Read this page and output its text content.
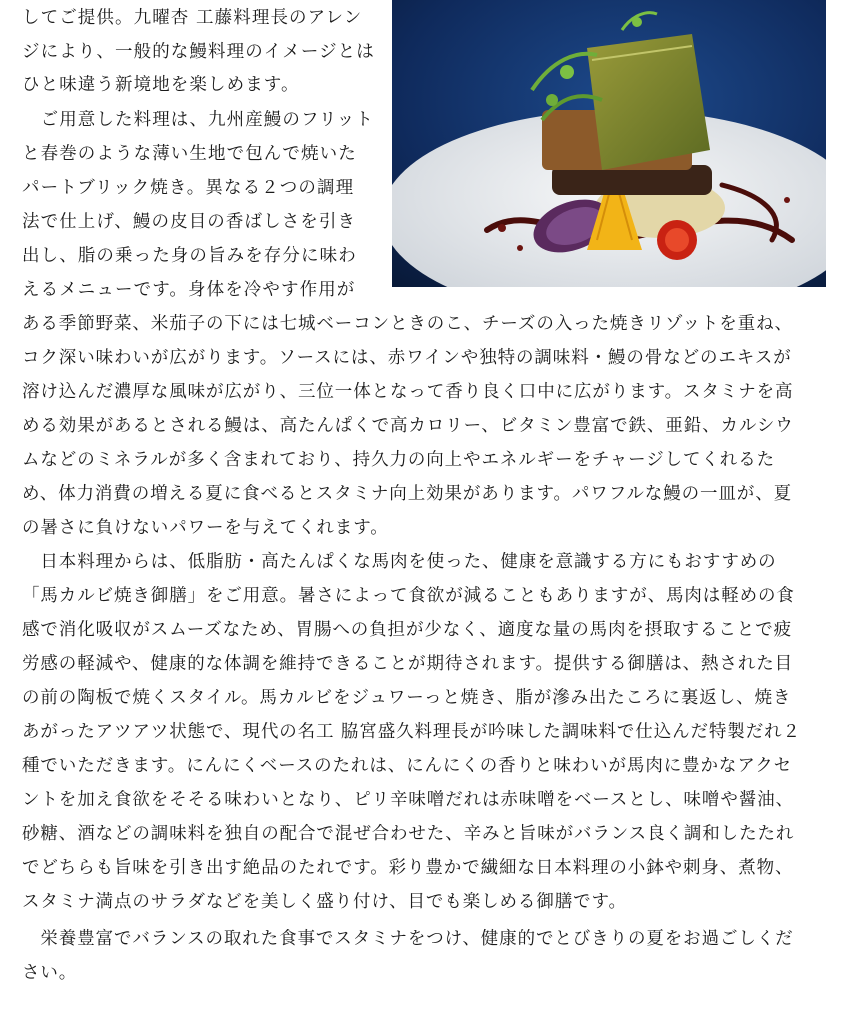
してご提供。九曜杏 工藤料理長のアレン
ジにより、一般的な鰻料理のイメージとは
ひと味違う新境地を楽しめます。
　ご用意した料理は、九州産鰻のフリット
と春巻のような薄い生地で包んで焼いた
パートブリック焼き。異なる２つの調理
法で仕上げ、鰻の皮目の香ばしさを引き
出し、脂の乗った身の旨みを存分に味わ
えるメニューです。身体を冷やす作用が
ある季節野菜、米茄子の下には七城ベーコンときのこ、チーズの入った焼きリゾットを重ね、
コク深い味わいが広がります。ソースには、赤ワインや独特の調味料・鰻の骨などのエキスが
溶け込んだ濃厚な風味が広がり、三位一体となって香り良く口中に広がります。スタミナを高
める効果があるとされる鰻は、高たんぱくで高カロリー、ビタミン豊富で鉄、亜鉛、カルシウ
ムなどのミネラルが多く含まれており、持久力の向上やエネルギーをチャージしてくれるた
め、体力消費の増える夏に食べるとスタミナ向上効果があります。パワフルな鰻の一皿が、夏
の暑さに負けないパワーを与えてくれます。
　日本料理からは、低脂肪・高たんぱくな馬肉を使った、健康を意識する方にもおすすめの
「馬カルビ焼き御膳」をご用意。暑さによって食欲が減ることもありますが、馬肉は軽めの食
感で消化吸収がスムーズなため、胃腸への負担が少なく、適度な量の馬肉を摂取することで疲
労感の軽減や、健康的な体調を維持できることが期待されます。提供する御膳は、熱された目
の前の陶板で焼くスタイル。馬カルビをジュワーっと焼き、脂が滲み出たころに裏返し、焼き
あがったアツアツ状態で、現代の名工 脇宮盛久料理長が吟味した調味料で仕込んだ特製だれ２
種でいただきます。にんにくベースのたれは、にんにくの香りと味わいが馬肉に豊かなアクセ
ントを加え食欲をそそる味わいとなり、ピリ辛味噌だれは赤味噌をベースとし、味噌や醤油、
砂糖、酒などの調味料を独自の配合で混ぜ合わせた、辛みと旨味がバランス良く調和したたれ
でどちらも旨味を引き出す絶品のたれです。彩り豊かで繊細な日本料理の小鉢や刺身、煮物、
スタミナ満点のサラダなどを美しく盛り付け、目でも楽しめる御膳です。
　栄養豊富でバランスの取れた食事でスタミナをつけ、健康的でとびきりの夏をお過ごしくだ
さい。
